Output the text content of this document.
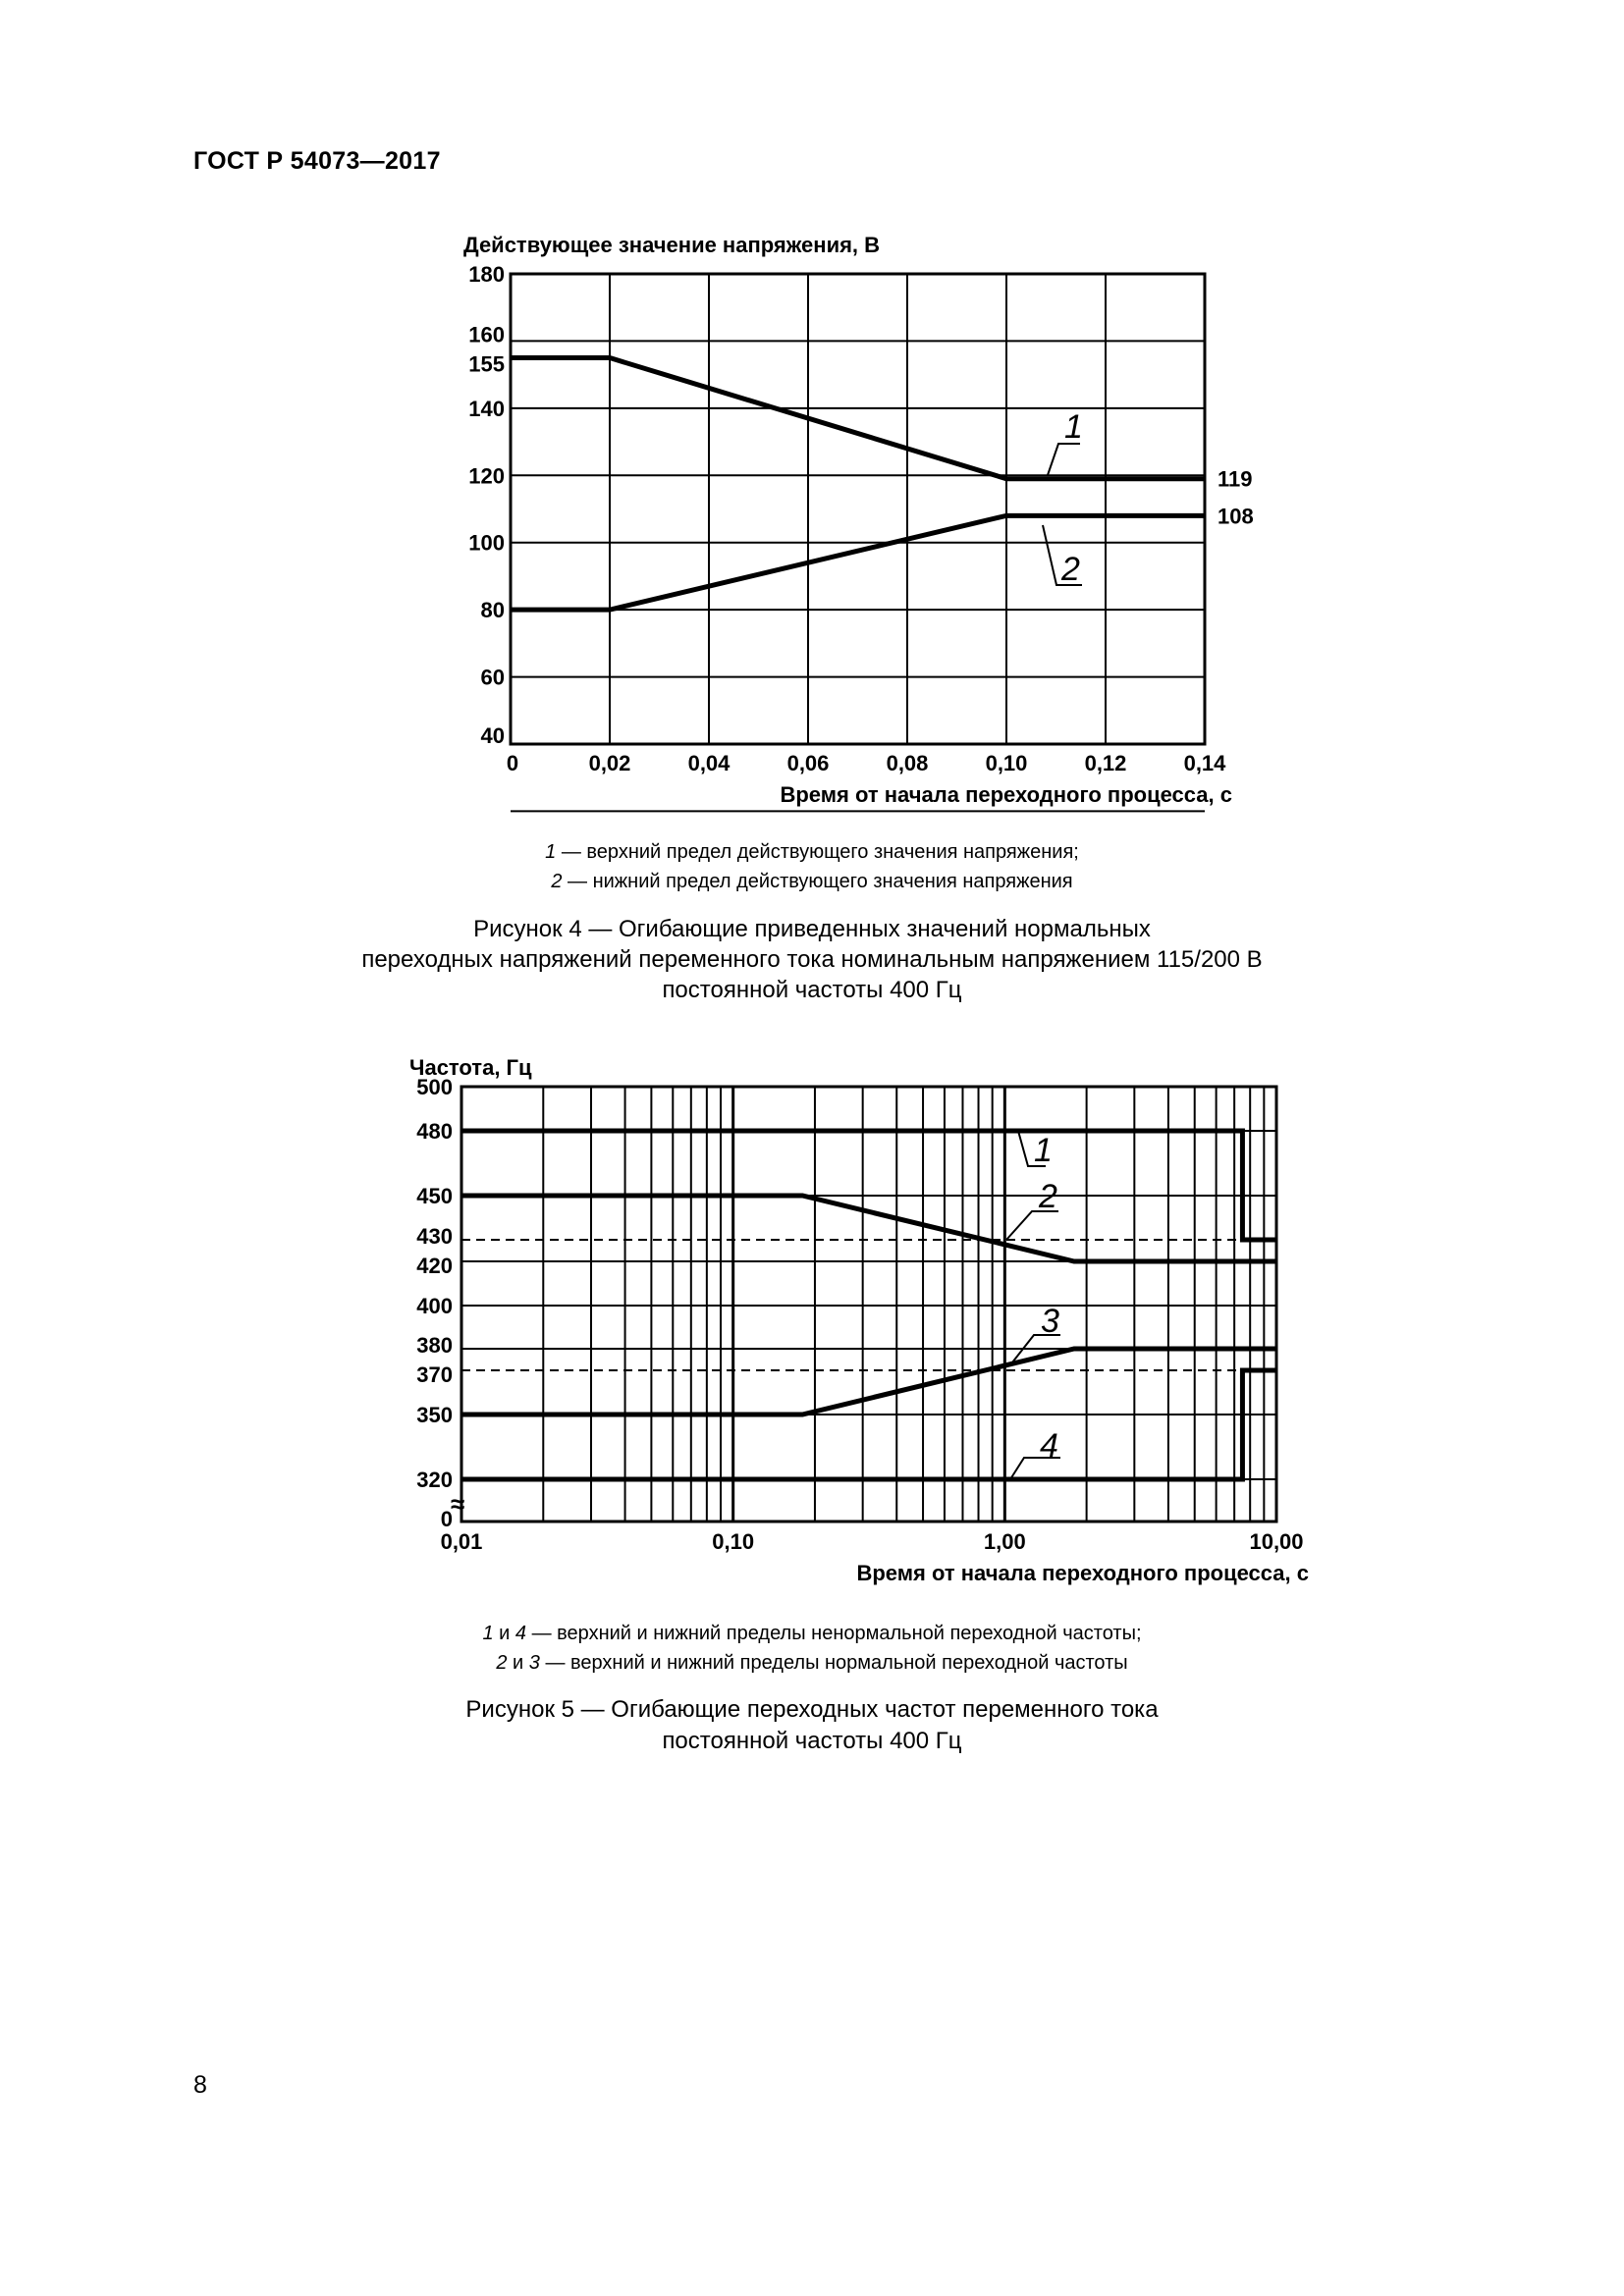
ГОСТ Р 54073—2017
Действующее значение напряжения, В
40
60
80
100
120
140
155
160
180
0	0,02	0,04	0,06	0,08	0,10	0,12	0,14
Время от начала переходного процесса, с
119
108
1
2
1 — верхний предел действующего значения напряжения;
2 — нижний предел действующего значения напряжения
Рисунок 4 — Огибающие приведенных значений нормальных
переходных напряжений переменного тока номинальным напряжением 115/200 В
постоянной частоты 400 Гц
Частота, Гц
0
320
350
370
380
400
420
430
450
480
500
≈
0,01	0,10	1,00	10,00
Время от начала переходного процесса, с
1
2
3
4
1 и 4 — верхний и нижний пределы ненормальной переходной частоты;
2 и 3 — верхний и нижний пределы нормальной переходной частоты
Рисунок 5 — Огибающие переходных частот переменного тока
постоянной частоты 400 Гц
8
